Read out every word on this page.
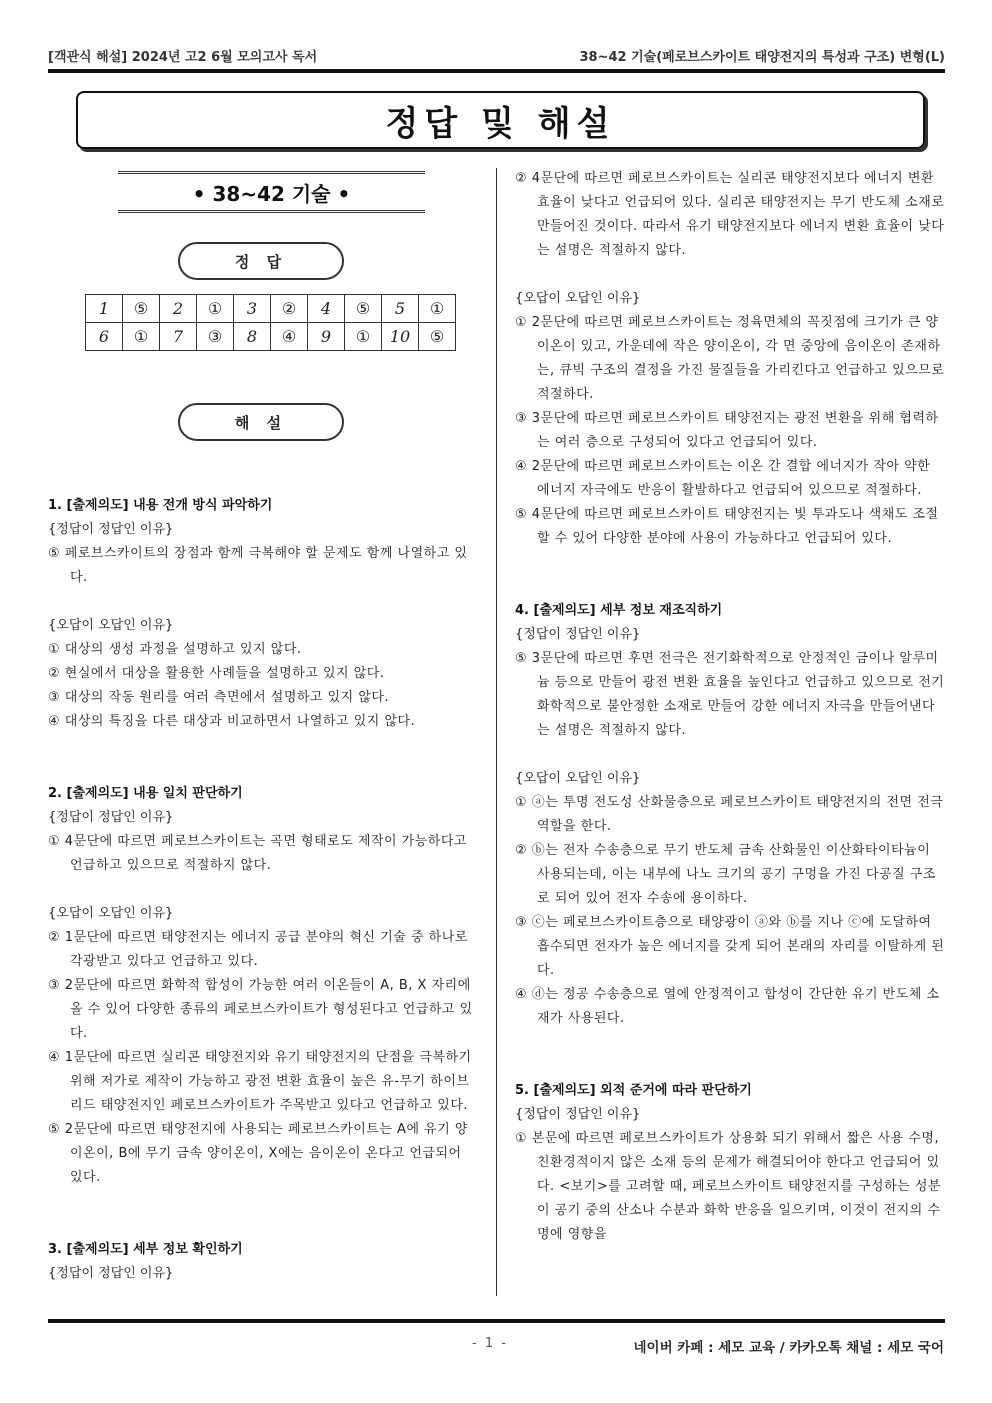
[객관식 해설] 2024년 고2 6월 모의고사 독서	38~42 기술(페로브스카이트 태양전지의 특성과 구조) 변형(L)
정답 및 해설
• 38~42 기술 •
정 답
1	⑤	2	①	3	②	4	⑤	5	①
6	①	7	③	8	④	9	①	10	⑤
해 설

1. [출제의도] 내용 전개 방식 파악하기

{정답이 정답인 이유}

⑤ 페로브스카이트의 장점과 함께 극복해야 할 문제도 함께 나열하고 있다.

{오답이 오답인 이유}

① 대상의 생성 과정을 설명하고 있지 않다.

② 현실에서 대상을 활용한 사례들을 설명하고 있지 않다.

③ 대상의 작동 원리를 여러 측면에서 설명하고 있지 않다.

④ 대상의 특징을 다른 대상과 비교하면서 나열하고 있지 않다.

2. [출제의도] 내용 일치 판단하기

{정답이 정답인 이유}

① 4문단에 따르면 페로브스카이트는 곡면 형태로도 제작이 가능하다고 언급하고 있으므로 적절하지 않다.

{오답이 오답인 이유}

② 1문단에 따르면 태양전지는 에너지 공급 분야의 혁신 기술 중 하나로 각광받고 있다고 언급하고 있다.

③ 2문단에 따르면 화학적 합성이 가능한 여러 이온들이 A, B, X 자리에 올 수 있어 다양한 종류의 페로브스카이트가 형성된다고 언급하고 있다.

④ 1문단에 따르면 실리콘 태양전지와 유기 태양전지의 단점을 극복하기 위해 저가로 제작이 가능하고 광전 변환 효율이 높은 유-무기 하이브리드 태양전지인 페로브스카이트가 주목받고 있다고 언급하고 있다.

⑤ 2문단에 따르면 태양전지에 사용되는 페로브스카이트는 A에 유기 양이온이, B에 무기 금속 양이온이, X에는 음이온이 온다고 언급되어 있다.

3. [출제의도] 세부 정보 확인하기

{정답이 정답인 이유}

② 4문단에 따르면 페로브스카이트는 실리콘 태양전지보다 에너지 변환 효율이 낮다고 언급되어 있다. 실리콘 태양전지는 무기 반도체 소재로 만들어진 것이다. 따라서 유기 태양전지보다 에너지 변환 효율이 낮다는 설명은 적절하지 않다.

{오답이 오답인 이유}

① 2문단에 따르면 페로브스카이트는 정육면체의 꼭짓점에 크기가 큰 양이온이 있고, 가운데에 작은 양이온이, 각 면 중앙에 음이온이 존재하는, 큐빅 구조의 결정을 가진 물질들을 가리킨다고 언급하고 있으므로 적절하다.

③ 3문단에 따르면 페로브스카이트 태양전지는 광전 변환을 위해 협력하는 여러 층으로 구성되어 있다고 언급되어 있다.

④ 2문단에 따르면 페로브스카이트는 이온 간 결합 에너지가 작아 약한 에너지 자극에도 반응이 활발하다고 언급되어 있으므로 적절하다.

⑤ 4문단에 따르면 페로브스카이트 태양전지는 빛 투과도나 색채도 조절할 수 있어 다양한 분야에 사용이 가능하다고 언급되어 있다.

4. [출제의도] 세부 정보 재조직하기

{정답이 정답인 이유}

⑤ 3문단에 따르면 후면 전극은 전기화학적으로 안정적인 금이나 알루미늄 등으로 만들어 광전 변환 효율을 높인다고 언급하고 있으므로 전기화학적으로 불안정한 소재로 만들어 강한 에너지 자극을 만들어낸다는 설명은 적절하지 않다.

{오답이 오답인 이유}

① ⓐ는 투명 전도성 산화물층으로 페로브스카이트 태양전지의 전면 전극 역할을 한다.

② ⓑ는 전자 수송층으로 무기 반도체 금속 산화물인 이산화타이타늄이 사용되는데, 이는 내부에 나노 크기의 공기 구멍을 가진 다공질 구조로 되어 있어 전자 수송에 용이하다.

③ ⓒ는 페로브스카이트층으로 태양광이 ⓐ와 ⓑ를 지나 ⓒ에 도달하여 흡수되면 전자가 높은 에너지를 갖게 되어 본래의 자리를 이탈하게 된다.

④ ⓓ는 정공 수송층으로 열에 안정적이고 합성이 간단한 유기 반도체 소재가 사용된다.

5. [출제의도] 외적 준거에 따라 판단하기

{정답이 정답인 이유}

① 본문에 따르면 페로브스카이트가 상용화 되기 위해서 짧은 사용 수명, 친환경적이지 않은 소재 등의 문제가 해결되어야 한다고 언급되어 있다. <보기>를 고려할 때, 페로브스카이트 태양전지를 구성하는 성분이 공기 중의 산소나 수분과 화학 반응을 일으키며, 이것이 전지의 수명에 영향을

- 1 -	네이버 카페 : 세모 교육 / 카카오톡 채널 : 세모 국어
